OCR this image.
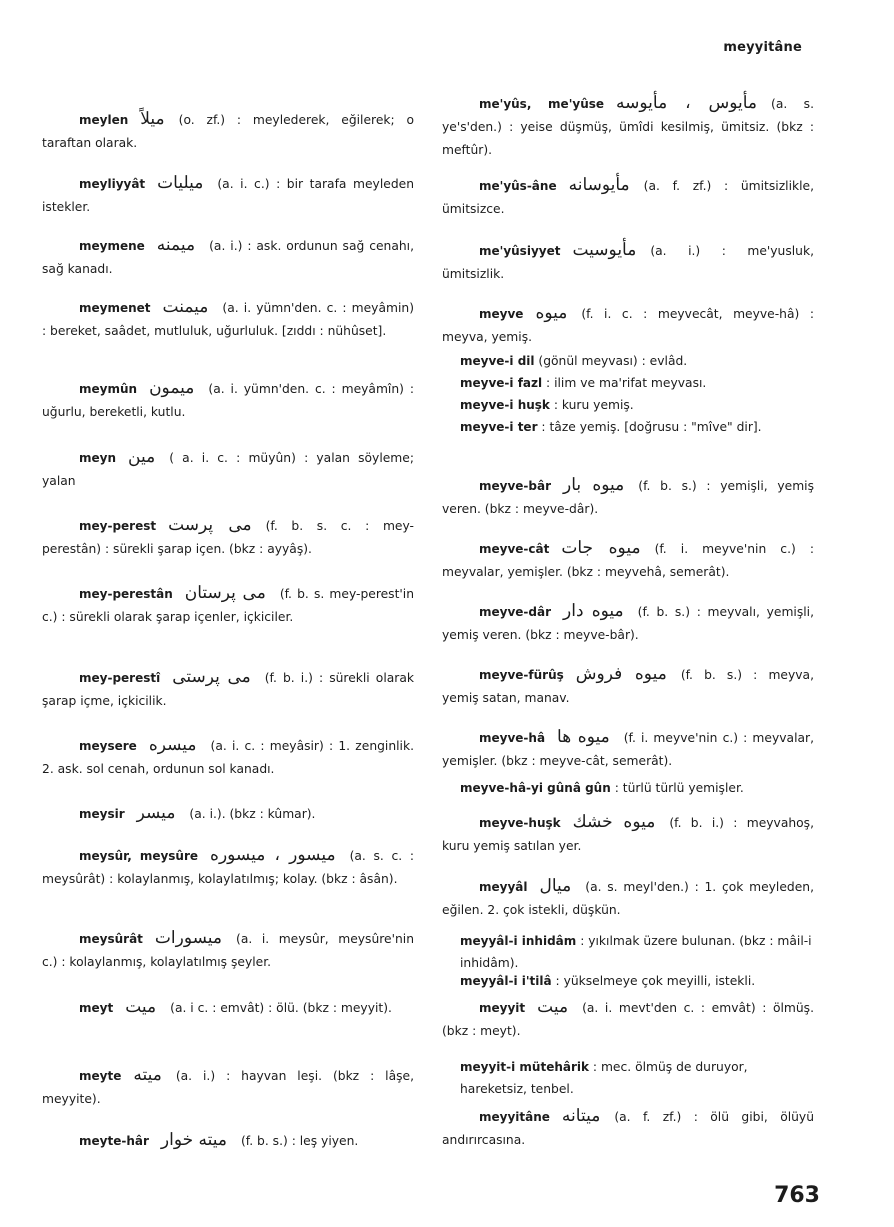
meyyitâne
meylen میلاً (o. zf.) : meylederek, eğilerek; o taraftan olarak.
meyliyyât میلیات (a. i. c.) : bir tarafa meyleden istekler.
meymene میمنه (a. i.) : ask. ordunun sağ cenahı, sağ kanadı.
meymenet میمنت (a. i. yümn'den. c. : meyâmin) : bereket, saâdet, mutluluk, uğurluluk. [zıddı : nühûset].
meymûn میمون (a. i. yümn'den. c. : meyâmîn) : uğurlu, bereketli, kutlu.
meyn مین ( a. i. c. : müyûn) : yalan söyleme; yalan
mey-perest می پرست (f. b. s. c. : mey-perestân) : sürekli şarap içen. (bkz : ayyâş).
mey-perestân می پرستان (f. b. s. mey-perest'in c.) : sürekli olarak şarap içenler, içkiciler.
mey-perestî می پرستی (f. b. i.) : sürekli olarak şarap içme, içkicilik.
meysere میسره (a. i. c. : meyâsir) : 1. zenginlik. 2. ask. sol cenah, ordunun sol kanadı.
meysir میسر (a. i.). (bkz : kûmar).
meysûr, meysûre میسور ، میسوره (a. s. c. : meysûrât) : kolaylanmış, kolaylatılmış; kolay. (bkz : âsân).
meysûrât میسورات (a. i. meysûr, meysûre'nin c.) : kolaylanmış, kolaylatılmış şeyler.
meyt میت (a. i c. : emvât) : ölü. (bkz : meyyit).
meyte میته (a. i.) : hayvan leşi. (bkz : lâşe, meyyite).
meyte-hâr میته خوار (f. b. s.) : leş yiyen.
me'yûs, me'yûse مأیوس ، مأیوسه (a. s. ye's'den.) : yeise düşmüş, ümîdi kesilmiş, ümitsiz. (bkz : meftûr).
me'yûs-âne مأیوسانه (a. f. zf.) : ümitsizlikle, ümitsizce.
me'yûsiyyet مأیوسیت (a. i.) : me'yusluk, ümitsizlik.
meyve میوه (f. i. c. : meyvecât, meyve-hâ) : meyva, yemiş.
meyve-bâr میوه بار (f. b. s.) : yemişli, yemiş veren. (bkz : meyve-dâr).
meyve-cât میوه جات (f. i. meyve'nin c.) : meyvalar, yemişler. (bkz : meyvehâ, semerât).
meyve-dâr میوه دار (f. b. s.) : meyvalı, yemişli, yemiş veren. (bkz : meyve-bâr).
meyve-fürûş میوه فروش (f. b. s.) : meyva, yemiş satan, manav.
meyve-hâ میوه ها (f. i. meyve'nin c.) : meyvalar, yemişler. (bkz : meyve-cât, semerât).
meyve-huşk میوه خشك (f. b. i.) : meyvahoş, kuru yemiş satılan yer.
meyyâl میال (a. s. meyl'den.) : 1. çok meyleden, eğilen. 2. çok istekli, düşkün.
meyyit میت (a. i. mevt'den c. : emvât) : ölmüş. (bkz : meyt).
meyyitâne میتانه (a. f. zf.) : ölü gibi, ölüyü andırırcasına.
meyve-i dil (gönül meyvası) : evlâd.
meyve-i fazl : ilim ve ma'rifat meyvası.
meyve-i huşk : kuru yemiş.
meyve-i ter : tâze yemiş. [doğrusu : "mîve" dir].
meyve-hâ-yi gûnâ gûn : türlü türlü yemişler.
meyyâl-i inhidâm : yıkılmak üzere bulunan. (bkz : mâil-i inhidâm).
meyyâl-i i'tilâ : yükselmeye çok meyilli, istekli.
meyyit-i mütehârik : mec. ölmüş de duruyor, hareketsiz, tenbel.
763
